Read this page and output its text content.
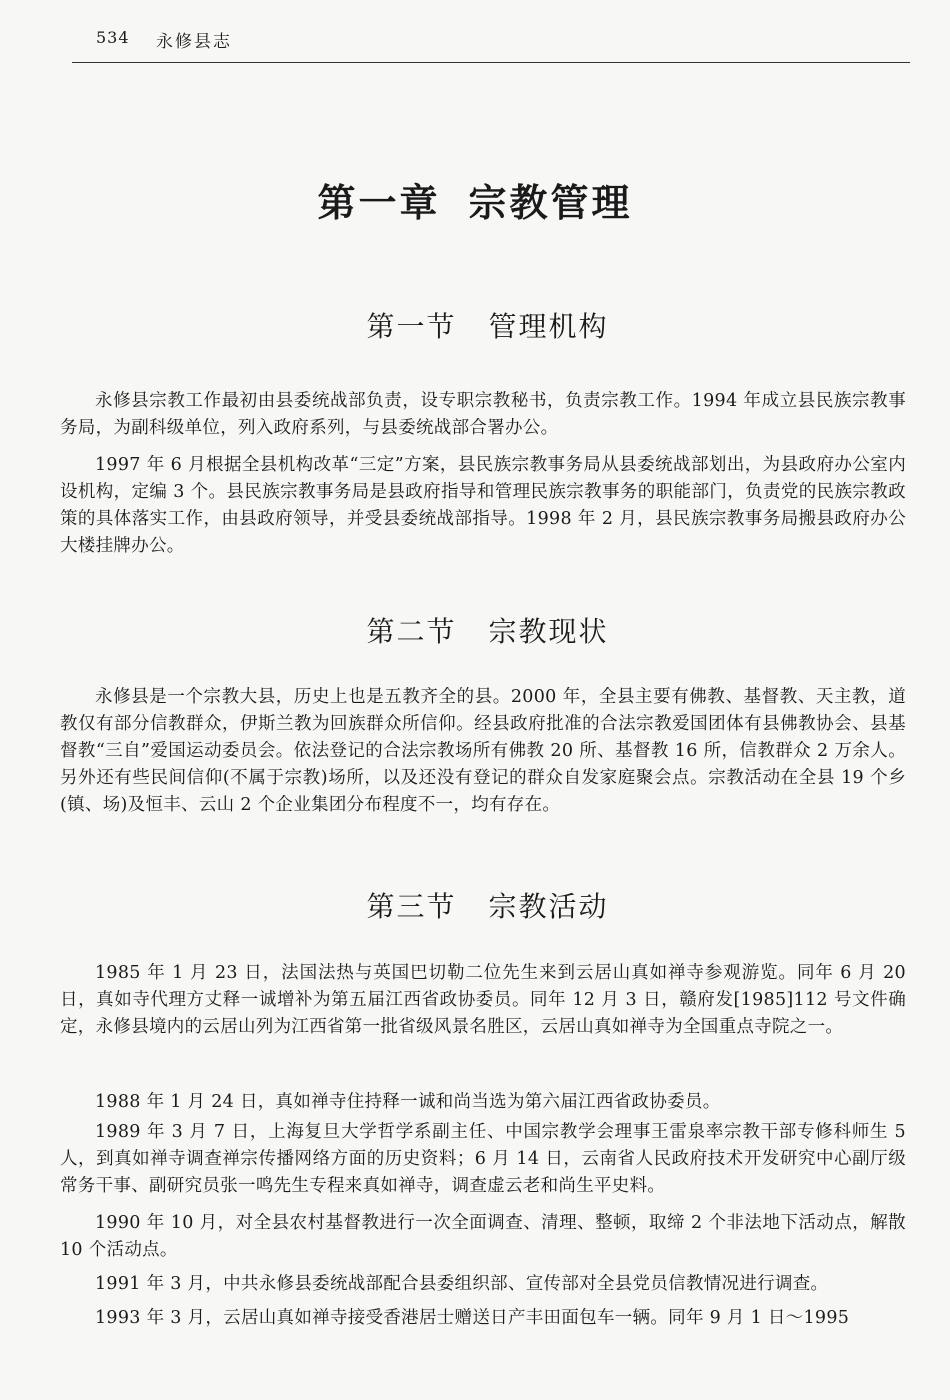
534 永修县志
第一章 宗教管理
第一节 管理机构

永修县宗教工作最初由县委统战部负责，设专职宗教秘书，负责宗教工作。1994 年成立县民族宗教事务局，为副科级单位，列入政府系列，与县委统战部合署办公。

1997 年 6 月根据全县机构改革“三定”方案，县民族宗教事务局从县委统战部划出，为县政府办公室内设机构，定编 3 个。县民族宗教事务局是县政府指导和管理民族宗教事务的职能部门，负责党的民族宗教政策的具体落实工作，由县政府领导，并受县委统战部指导。1998 年 2 月，县民族宗教事务局搬县政府办公大楼挂牌办公。

第二节 宗教现状

永修县是一个宗教大县，历史上也是五教齐全的县。2000 年，全县主要有佛教、基督教、天主教，道教仅有部分信教群众，伊斯兰教为回族群众所信仰。经县政府批准的合法宗教爱国团体有县佛教协会、县基督教“三自”爱国运动委员会。依法登记的合法宗教场所有佛教 20 所、基督教 16 所，信教群众 2 万余人。另外还有些民间信仰(不属于宗教)场所，以及还没有登记的群众自发家庭聚会点。宗教活动在全县 19 个乡(镇、场)及恒丰、云山 2 个企业集团分布程度不一，均有存在。

第三节 宗教活动

1985 年 1 月 23 日，法国法热与英国巴切勒二位先生来到云居山真如禅寺参观游览。同年 6 月 20 日，真如寺代理方丈释一诚增补为第五届江西省政协委员。同年 12 月 3 日，赣府发[1985]112 号文件确定，永修县境内的云居山列为江西省第一批省级风景名胜区，云居山真如禅寺为全国重点寺院之一。

1988 年 1 月 24 日，真如禅寺住持释一诚和尚当选为第六届江西省政协委员。

1989 年 3 月 7 日，上海复旦大学哲学系副主任、中国宗教学会理事王雷泉率宗教干部专修科师生 5 人，到真如禅寺调查禅宗传播网络方面的历史资料；6 月 14 日，云南省人民政府技术开发研究中心副厅级常务干事、副研究员张一鸣先生专程来真如禅寺，调查虚云老和尚生平史料。

1990 年 10 月，对全县农村基督教进行一次全面调查、清理、整顿，取缔 2 个非法地下活动点，解散 10 个活动点。

1991 年 3 月，中共永修县委统战部配合县委组织部、宣传部对全县党员信教情况进行调查。

1993 年 3 月，云居山真如禅寺接受香港居士赠送日产丰田面包车一辆。同年 9 月 1 日～1995
